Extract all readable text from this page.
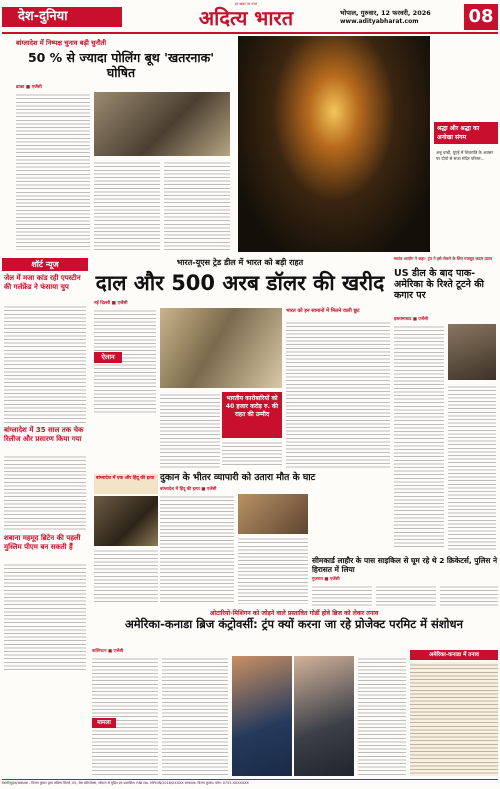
देश-दुनिया
हर खबर पर नजर
अदित्य भारत	भोपाल, गुरुवार, 12 फरवरी, 2026
www.adityabharat.com	08
बांग्लादेश में निष्पक्ष चुनाव बड़ी चुनौती
50 % से ज्यादा पोलिंग बूथ 'खतरनाक' घोषित
ढाका ■ एजेंसी
श्रद्धा और श्रद्धा का अनोखा संगम
अबू धाबी, यूएई में शिवरात्रि के अवसर पर दीपों से सजा मंदिर परिसर...
शॉर्ट न्यूज
जेल में मजा कांड रही एपस्टीन की गर्लफ्रेंड ने फंसाया चुप
बांग्लादेश में 35 साल तक चेक रिलीज और प्रसारण किया गया
शबाना महमूद ब्रिटेन की पहली मुस्लिम पीएम बन सकती हैं
भारत-यूएस ट्रेड डील में भारत को बड़ी राहत
दाल और 500 अरब डॉलर की खरीद
नई दिल्ली ■ एजेंसी
ऐलान
भारतीय कारोबारियों को 40 हजार करोड़ रु. की राहत की उम्मीद
भारत को इन सामानों में मिलने वाली छूट
स्वतंत्र आयोग ने कहा- ट्रंप ने इसे रोकने के लिए मजबूत कदम उठाए
US डील के बाद पाक-अमेरिका के रिश्ते टूटने की कगार पर
इस्लामाबाद ■ एजेंसी
बांग्लादेश में एक और हिंदू की हत्या दुकान के भीतर व्यापारी को उतारा मौत के घाट
बांग्लादेश में हिंदू की हत्या ■ एजेंसी
सीमकार्ड लाहौर के पास साइकिल से घूम रहे थे 2 क्रिकेटर्स, पुलिस ने हिरासत में लिया
गुजरात ■ एजेंसी
ओटारियो-मिशिगन को जोड़ने वाले प्रस्तावित गोर्डी होवे ब्रिज को लेकर तनाव
अमेरिका-कनाडा ब्रिज कंट्रोवर्सी: ट्रंप क्यों करना जा रहे प्रोजेक्ट परमिट में संशोधन
वाशिंगटन ■ एजेंसी
मामला
अमेरिका-कनाडा में तनाव
स्वामी/मुद्रक/प्रकाशक - विजय कुमार द्वारा अदित्य प्रिंटर्स, 05, प्रेस कॉम्प्लेक्स, भोपाल से मुद्रित एवं प्रकाशित। RNI No. MPHIN/2018/XXXXX सम्पादक: विजय कुमार। फोन: 0755-XXXXXXX
